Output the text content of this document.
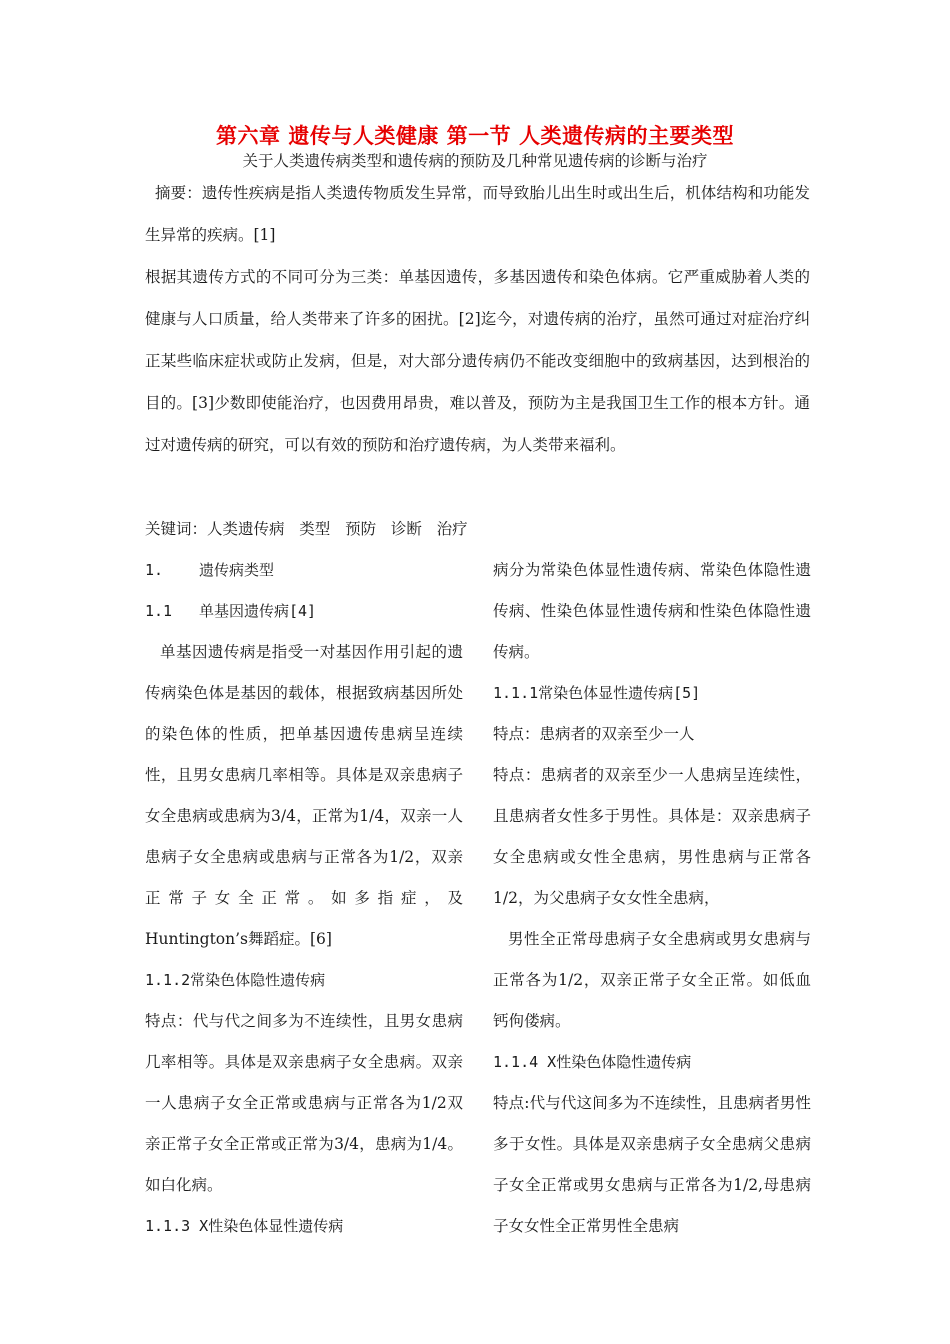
第六章 遗传与人类健康 第一节 人类遗传病的主要类型
关于人类遗传病类型和遗传病的预防及几种常见遗传病的诊断与治疗

摘要：遗传性疾病是指人类遗传物质发生异常，而导致胎儿出生时或出生后，机体结构和功能发生异常的疾病。[1]

根据其遗传方式的不同可分为三类：单基因遗传，多基因遗传和染色体病。它严重威胁着人类的健康与人口质量，给人类带来了许多的困扰。[2]迄今，对遗传病的治疗，虽然可通过对症治疗纠正某些临床症状或防止发病，但是，对大部分遗传病仍不能改变细胞中的致病基因，达到根治的目的。[3]少数即使能治疗，也因费用昂贵，难以普及，预防为主是我国卫生工作的根本方针。通过对遗传病的研究，可以有效的预防和治疗遗传病，为人类带来福利。

关键词：人类遗传病   类型   预防   诊断   治疗

1. 遗传病类型

1.1 单基因遗传病[4]

单基因遗传病是指受一对基因作用引起的遗传病染色体是基因的载体，根据致病基因所处的染色体的性质，把单基因遗传患病呈连续性，且男女患病几率相等。具体是双亲患病子女全患病或患病为3/4，正常为1/4，双亲一人患病子女全患病或患病与正常各为1/2，双亲正常子女全正常。如多指症，及Huntington’s舞蹈症。[6]

1.1.2常染色体隐性遗传病

特点：代与代之间多为不连续性，且男女患病几率相等。具体是双亲患病子女全患病。双亲一人患病子女全正常或患病与正常各为1/2双亲正常子女全正常或正常为3/4，患病为1/4。如白化病。

1.1.3 X性染色体显性遗传病

病分为常染色体显性遗传病、常染色体隐性遗传病、性染色体显性遗传病和性染色体隐性遗传病。

1.1.1常染色体显性遗传病[5]

特点：患病者的双亲至少一人

特点：患病者的双亲至少一人患病呈连续性，且患病者女性多于男性。具体是：双亲患病子女全患病或女性全患病，男性患病与正常各1/2，为父患病子女女性全患病，

男性全正常母患病子女全患病或男女患病与正常各为1/2，双亲正常子女全正常。如低血钙佝偻病。

1.1.4 X性染色体隐性遗传病

特点:代与代这间多为不连续性，且患病者男性多于女性。具体是双亲患病子女全患病父患病子女全正常或男女患病与正常各为1/2,母患病子女女性全正常男性全患病
